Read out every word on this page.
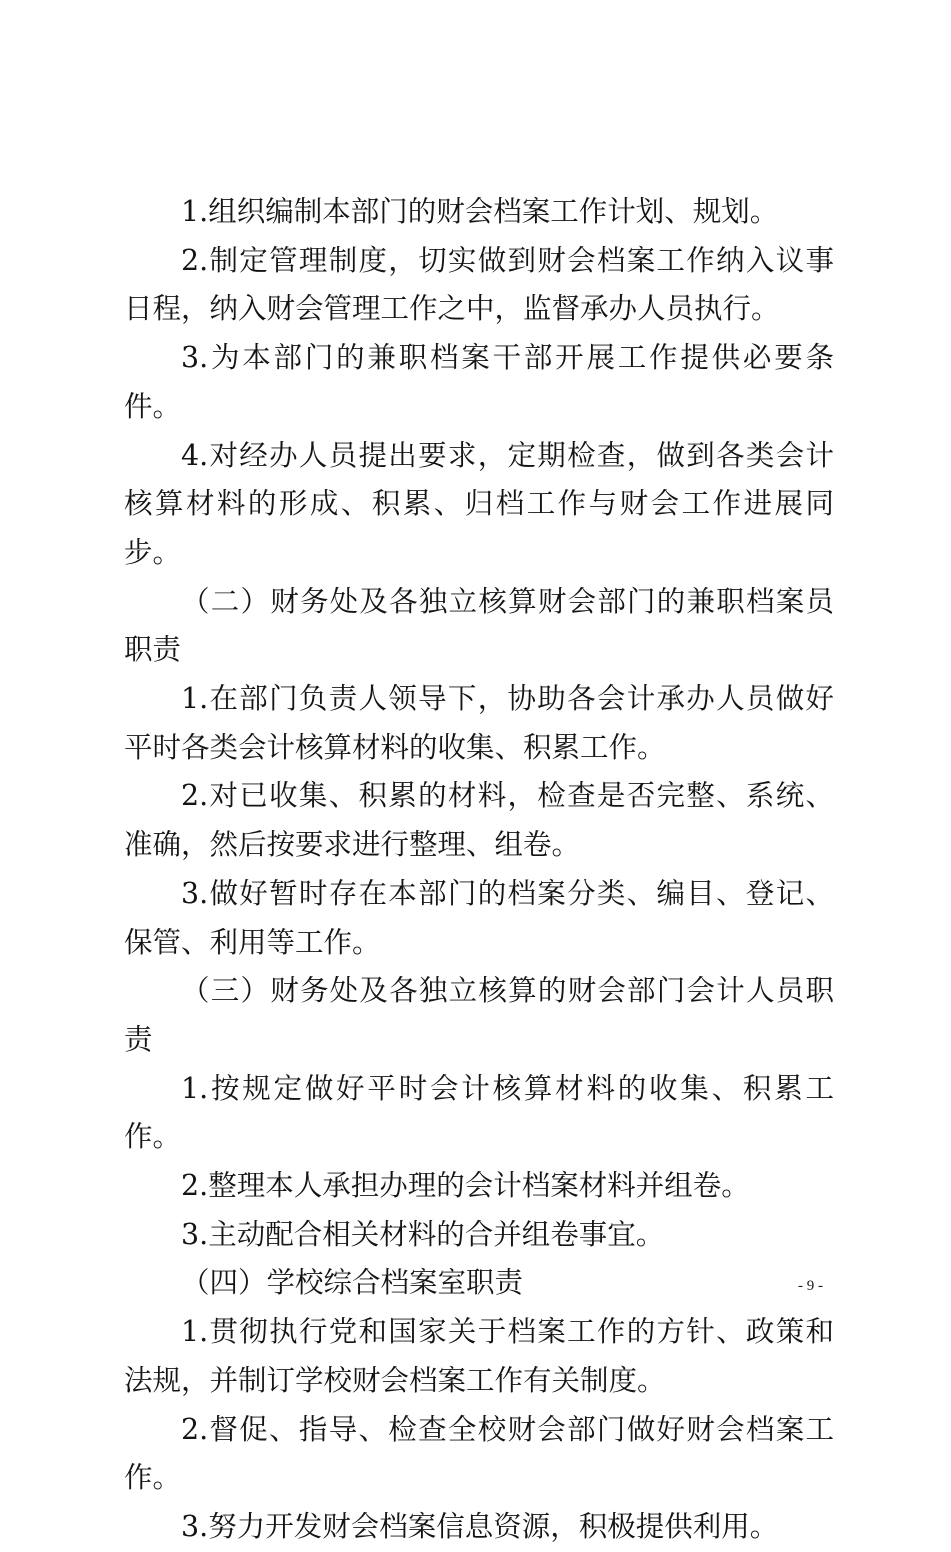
1.组织编制本部门的财会档案工作计划、规划。

2.制定管理制度，切实做到财会档案工作纳入议事日程，纳入财会管理工作之中，监督承办人员执行。

3.为本部门的兼职档案干部开展工作提供必要条件。

4.对经办人员提出要求，定期检查，做到各类会计核算材料的形成、积累、归档工作与财会工作进展同步。

（二）财务处及各独立核算财会部门的兼职档案员职责

1.在部门负责人领导下，协助各会计承办人员做好平时各类会计核算材料的收集、积累工作。

2.对已收集、积累的材料，检查是否完整、系统、准确，然后按要求进行整理、组卷。

3.做好暂时存在本部门的档案分类、编目、登记、保管、利用等工作。

（三）财务处及各独立核算的财会部门会计人员职责

1.按规定做好平时会计核算材料的收集、积累工作。

2.整理本人承担办理的会计档案材料并组卷。

3.主动配合相关材料的合并组卷事宜。

（四）学校综合档案室职责

1.贯彻执行党和国家关于档案工作的方针、政策和法规，并制订学校财会档案工作有关制度。

2.督促、指导、检查全校财会部门做好财会档案工作。

3.努力开发财会档案信息资源，积极提供利用。

- 9 -
